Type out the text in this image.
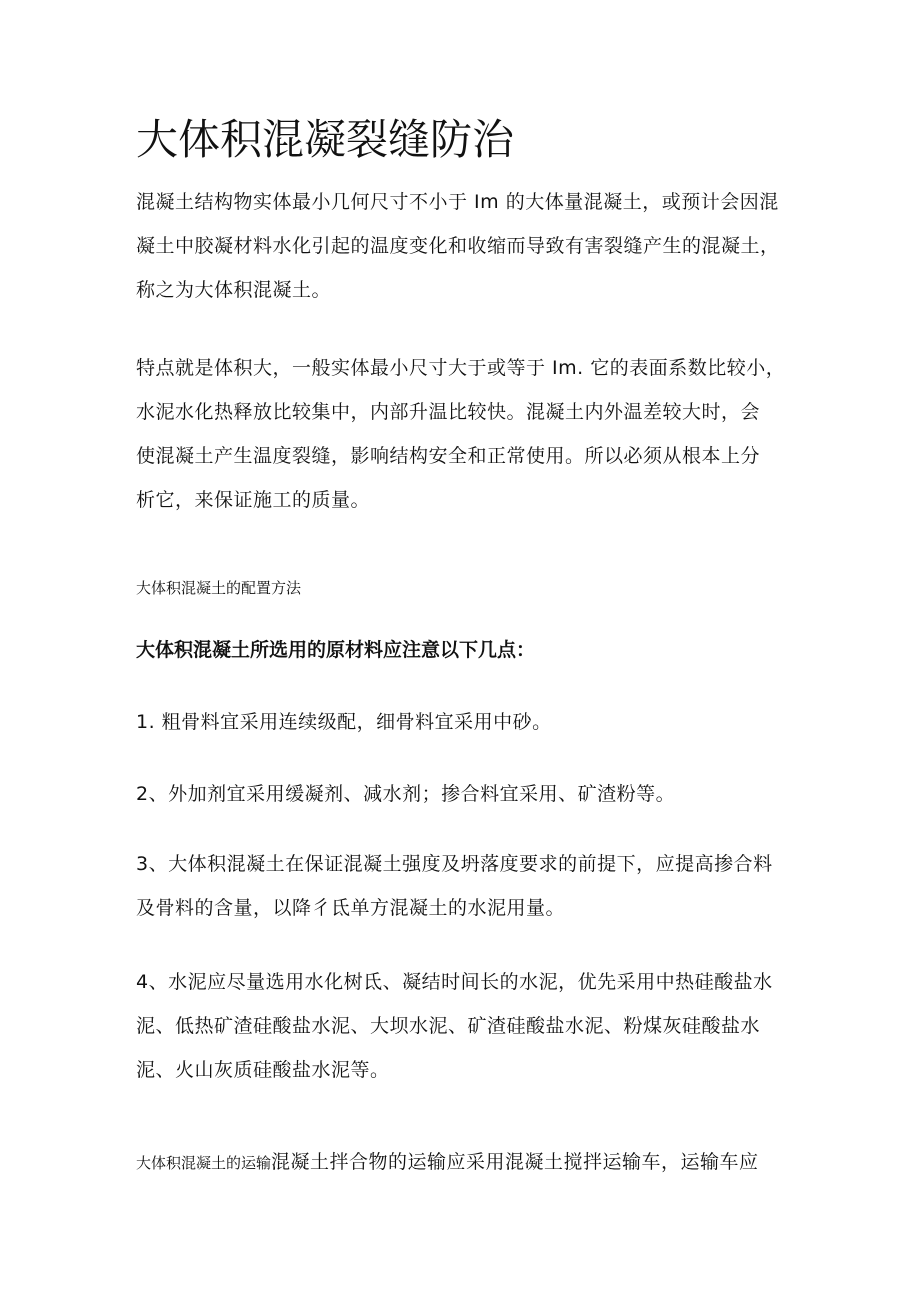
大体积混凝裂缝防治

混凝土结构物实体最小几何尺寸不小于 Im 的大体量混凝土，或预计会因混
凝土中胶凝材料水化引起的温度变化和收缩而导致有害裂缝产生的混凝土，
称之为大体积混凝土。

特点就是体积大，一般实体最小尺寸大于或等于 Im. 它的表面系数比较小，
水泥水化热释放比较集中，内部升温比较快。混凝土内外温差较大时，会
使混凝土产生温度裂缝，影响结构安全和正常使用。所以必须从根本上分
析它，来保证施工的质量。

大体积混凝土的配置方法

大体积混凝土所选用的原材料应注意以下几点：

1. 粗骨料宜采用连续级配，细骨料宜采用中砂。

2、外加剂宜采用缓凝剂、减水剂；掺合料宜采用、矿渣粉等。

3、大体积混凝土在保证混凝土强度及坍落度要求的前提下，应提高掺合料
及骨料的含量，以降彳氐单方混凝土的水泥用量。

4、水泥应尽量选用水化树氐、凝结时间长的水泥，优先采用中热硅酸盐水
泥、低热矿渣硅酸盐水泥、大坝水泥、矿渣硅酸盐水泥、粉煤灰硅酸盐水
泥、火山灰质硅酸盐水泥等。

大体积混凝土的运输混凝土拌合物的运输应采用混凝土搅拌运输车，运输车应
